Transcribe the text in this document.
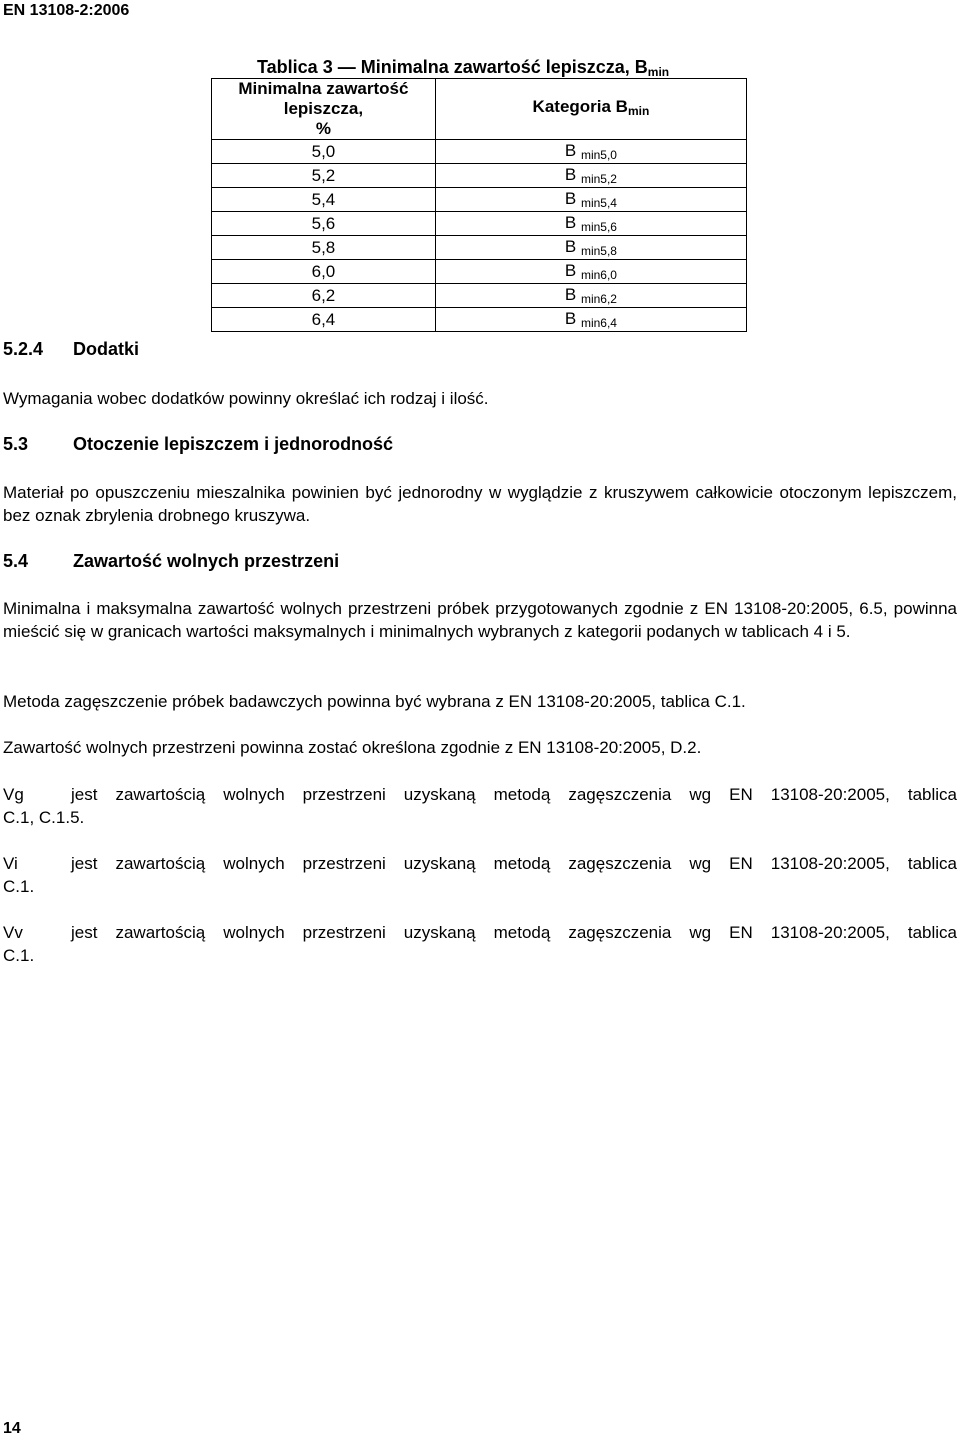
EN 13108-2:2006
Tablica 3 — Minimalna zawartość lepiszcza, $B_{min}$
Minimalna zawartość lepiszcza,
%	Kategoria $B_{min}$
5,0	B $_{min5,0}$
5,2	B $_{min5,2}$
5,4	B $_{min5,4}$
5,6	B $_{min5,6}$
5,8	B $_{min5,8}$
6,0	B $_{min6,0}$
6,2	B $_{min6,2}$
6,4	B $_{min6,4}$
5.2.4 Dodatki
Wymagania wobec dodatków powinny określać ich rodzaj i ilość.
5.3 Otoczenie lepiszczem i jednorodność
Materiał po opuszczeniu mieszalnika powinien być jednorodny w wyglądzie z kruszywem całkowicie otoczonym lepiszczem, bez oznak zbrylenia drobnego kruszywa.
5.4 Zawartość wolnych przestrzeni
Minimalna i maksymalna zawartość wolnych przestrzeni próbek przygotowanych zgodnie z EN 13108-20:2005, 6.5, powinna mieścić się w granicach wartości maksymalnych i minimalnych wybranych z kategorii podanych w tablicach 4 i 5.
Metoda zagęszczenie próbek badawczych powinna być wybrana z EN 13108-20:2005, tablica C.1.
Zawartość wolnych przestrzeni powinna zostać określona zgodnie z EN 13108-20:2005, D.2.
Vg	jest zawartością wolnych przestrzeni uzyskaną metodą zagęszczenia wg EN 13108-20:2005, tablica
C.1, C.1.5.
Vi	jest zawartością wolnych przestrzeni uzyskaną metodą zagęszczenia wg EN 13108-20:2005, tablica
C.1.
Vv	jest zawartością wolnych przestrzeni uzyskaną metodą zagęszczenia wg EN 13108-20:2005, tablica
C.1.
14
